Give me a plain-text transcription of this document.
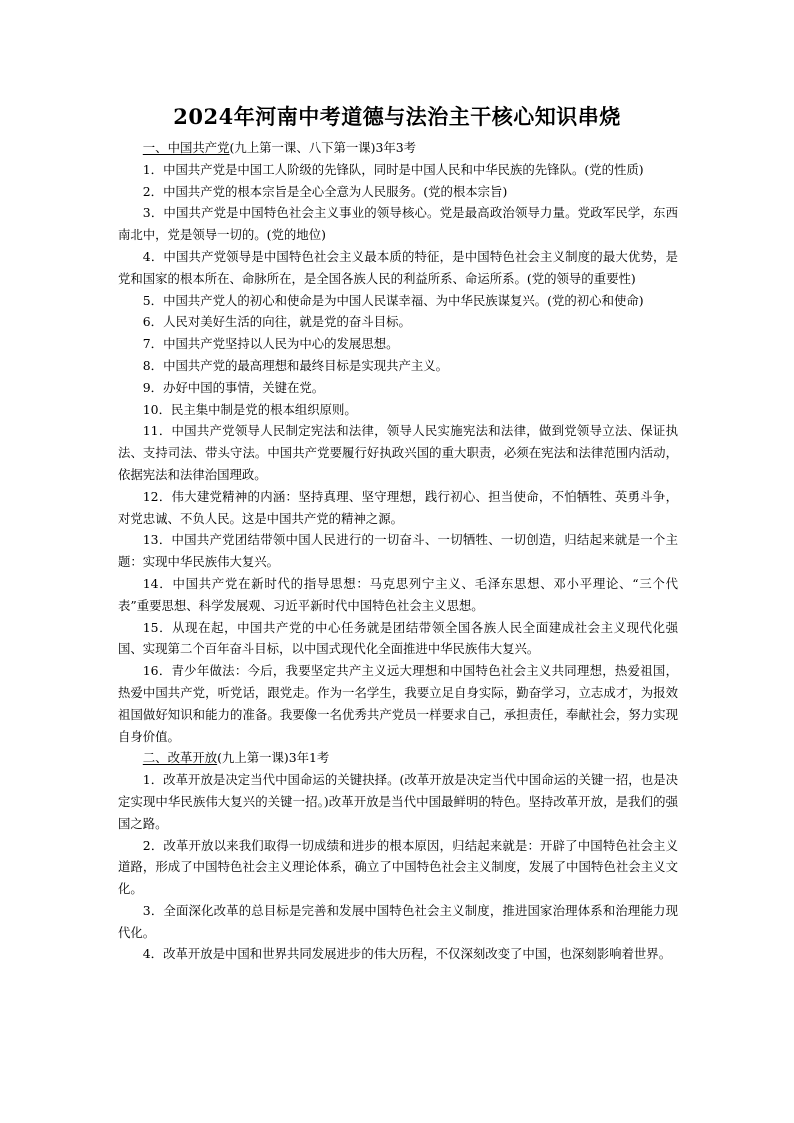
2024年河南中考道德与法治主干核心知识串烧

一、中国共产党(九上第一课、八下第一课)3年3考

1．中国共产党是中国工人阶级的先锋队，同时是中国人民和中华民族的先锋队。(党的性质)

2．中国共产党的根本宗旨是全心全意为人民服务。(党的根本宗旨)

3．中国共产党是中国特色社会主义事业的领导核心。党是最高政治领导力量。党政军民学，东西南北中，党是领导一切的。(党的地位)

4．中国共产党领导是中国特色社会主义最本质的特征，是中国特色社会主义制度的最大优势，是党和国家的根本所在、命脉所在，是全国各族人民的利益所系、命运所系。(党的领导的重要性)

5．中国共产党人的初心和使命是为中国人民谋幸福、为中华民族谋复兴。(党的初心和使命)

6．人民对美好生活的向往，就是党的奋斗目标。

7．中国共产党坚持以人民为中心的发展思想。

8．中国共产党的最高理想和最终目标是实现共产主义。

9．办好中国的事情，关键在党。

10．民主集中制是党的根本组织原则。

11．中国共产党领导人民制定宪法和法律，领导人民实施宪法和法律，做到党领导立法、保证执法、支持司法、带头守法。中国共产党要履行好执政兴国的重大职责，必须在宪法和法律范围内活动，依据宪法和法律治国理政。

12．伟大建党精神的内涵：坚持真理、坚守理想，践行初心、担当使命，不怕牺牲、英勇斗争，对党忠诚、不负人民。这是中国共产党的精神之源。

13．中国共产党团结带领中国人民进行的一切奋斗、一切牺牲、一切创造，归结起来就是一个主题：实现中华民族伟大复兴。

14．中国共产党在新时代的指导思想：马克思列宁主义、毛泽东思想、邓小平理论、“三个代表”重要思想、科学发展观、习近平新时代中国特色社会主义思想。

15．从现在起，中国共产党的中心任务就是团结带领全国各族人民全面建成社会主义现代化强国、实现第二个百年奋斗目标，以中国式现代化全面推进中华民族伟大复兴。

16．青少年做法：今后，我要坚定共产主义远大理想和中国特色社会主义共同理想，热爱祖国，热爱中国共产党，听党话，跟党走。作为一名学生，我要立足自身实际，勤奋学习，立志成才，为报效祖国做好知识和能力的准备。我要像一名优秀共产党员一样要求自己，承担责任，奉献社会，努力实现自身价值。

二、改革开放(九上第一课)3年1考

1．改革开放是决定当代中国命运的关键抉择。(改革开放是决定当代中国命运的关键一招，也是决定实现中华民族伟大复兴的关键一招。)改革开放是当代中国最鲜明的特色。坚持改革开放，是我们的强国之路。

2．改革开放以来我们取得一切成绩和进步的根本原因，归结起来就是：开辟了中国特色社会主义道路，形成了中国特色社会主义理论体系，确立了中国特色社会主义制度，发展了中国特色社会主义文化。

3．全面深化改革的总目标是完善和发展中国特色社会主义制度，推进国家治理体系和治理能力现代化。

4．改革开放是中国和世界共同发展进步的伟大历程，不仅深刻改变了中国，也深刻影响着世界。
